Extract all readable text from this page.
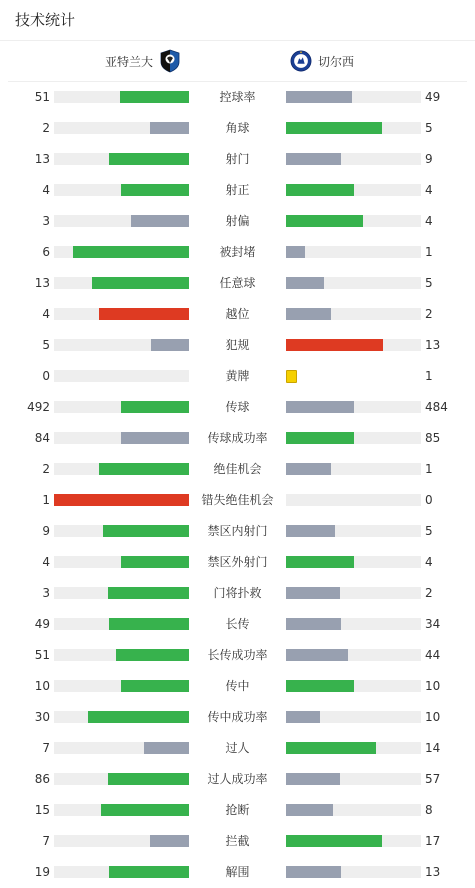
技术统计
亚特兰大	切尔西
51	控球率	49
2	角球	5
13	射门	9
4	射正	4
3	射偏	4
6	被封堵	1
13	任意球	5
4	越位	2
5	犯规	13
0	黄牌	1
492	传球	484
84	传球成功率	85
2	绝佳机会	1
1	错失绝佳机会	0
9	禁区内射门	5
4	禁区外射门	4
3	门将扑救	2
49	长传	34
51	长传成功率	44
10	传中	10
30	传中成功率	10
7	过人	14
86	过人成功率	57
15	抢断	8
7	拦截	17
19	解围	13
